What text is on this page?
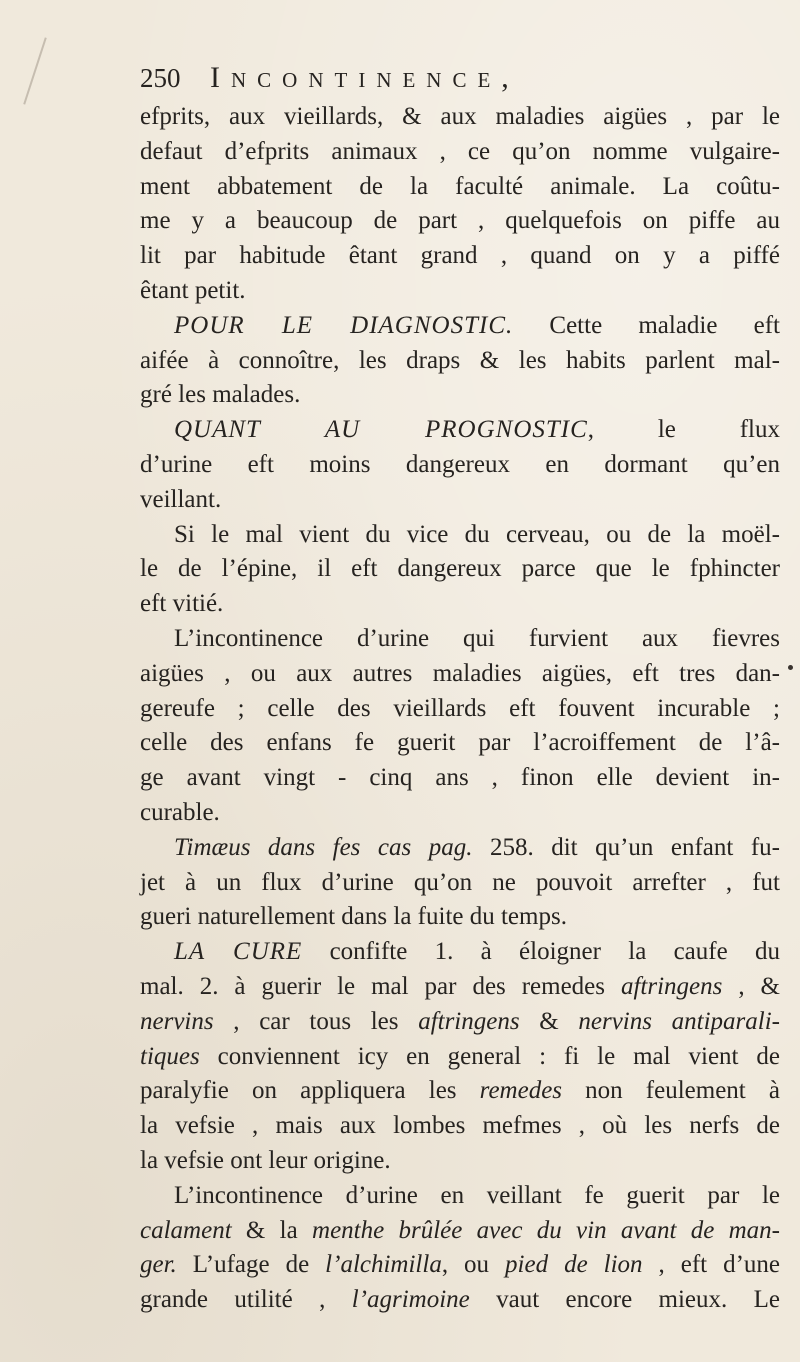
250 Incontinence,
efprits, aux vieillards, & aux maladies aigües , par le
defaut d’efprits animaux , ce qu’on nomme vulgaire-
ment abbatement de la faculté animale. La coûtu-
me y a beaucoup de part , quelquefois on piffe au
lit par habitude êtant grand , quand on y a piffé
êtant petit.
POUR LE DIAGNOSTIC. Cette maladie eft
aifée à connoître, les draps & les habits parlent mal-
gré les malades.
QUANT AU PROGNOSTIC, le flux
d’urine eft moins dangereux en dormant qu’en
veillant.
Si le mal vient du vice du cerveau, ou de la moël-
le de l’épine, il eft dangereux parce que le fphincter
eft vitié.
L’incontinence d’urine qui furvient aux fievres
aigües , ou aux autres maladies aigües, eft tres dan-
gereufe ; celle des vieillards eft fouvent incurable ;
celle des enfans fe guerit par l’acroiffement de l’â-
ge avant vingt - cinq ans , finon elle devient in-
curable.
Timæus dans fes cas pag. 258. dit qu’un enfant fu-
jet à un flux d’urine qu’on ne pouvoit arrefter , fut
gueri naturellement dans la fuite du temps.
LA CURE confifte 1. à éloigner la caufe du
mal. 2. à guerir le mal par des remedes aftringens , &
nervins , car tous les aftringens & nervins antiparali-
tiques conviennent icy en general : fi le mal vient de
paralyfie on appliquera les remedes non feulement à
la vefsie , mais aux lombes mefmes , où les nerfs de
la vefsie ont leur origine.
L’incontinence d’urine en veillant fe guerit par le
calament & la menthe brûlée avec du vin avant de man-
ger. L’ufage de l’alchimilla, ou pied de lion , eft d’une
grande utilité , l’agrimoine vaut encore mieux. Le
